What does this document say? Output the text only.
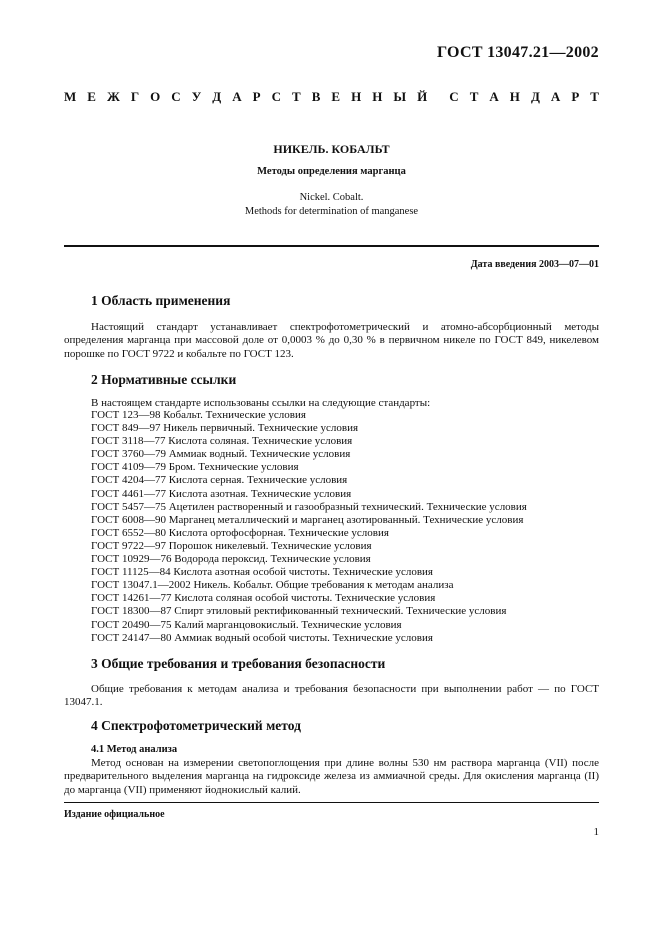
ГОСТ 13047.21—2002
М Е Ж Г О С У Д А Р С Т В Е Н Н Ы Й С Т А Н Д А Р Т
НИКЕЛЬ. КОБАЛЬТ
Методы определения марганца
Nickel. Cobalt.
Methods for determination of manganese
Дата введения 2003—07—01
1 Область применения
Настоящий стандарт устанавливает спектрофотометрический и атомно-абсорбционный методы определения марганца при массовой доле от 0,0003 % до 0,30 % в первичном никеле по ГОСТ 849, никелевом порошке по ГОСТ 9722 и кобальте по ГОСТ 123.
2 Нормативные ссылки
В настоящем стандарте использованы ссылки на следующие стандарты:
ГОСТ 123—98 Кобальт. Технические условия
ГОСТ 849—97 Никель первичный. Технические условия
ГОСТ 3118—77 Кислота соляная. Технические условия
ГОСТ 3760—79 Аммиак водный. Технические условия
ГОСТ 4109—79 Бром. Технические условия
ГОСТ 4204—77 Кислота серная. Технические условия
ГОСТ 4461—77 Кислота азотная. Технические условия
ГОСТ 5457—75 Ацетилен растворенный и газообразный технический. Технические условия
ГОСТ 6008—90 Марганец металлический и марганец азотированный. Технические условия
ГОСТ 6552—80 Кислота ортофосфорная. Технические условия
ГОСТ 9722—97 Порошок никелевый. Технические условия
ГОСТ 10929—76 Водорода пероксид. Технические условия
ГОСТ 11125—84 Кислота азотная особой чистоты. Технические условия
ГОСТ 13047.1—2002 Никель. Кобальт. Общие требования к методам анализа
ГОСТ 14261—77 Кислота соляная особой чистоты. Технические условия
ГОСТ 18300—87 Спирт этиловый ректификованный технический. Технические условия
ГОСТ 20490—75 Калий марганцовокислый. Технические условия
ГОСТ 24147—80 Аммиак водный особой чистоты. Технические условия
3 Общие требования и требования безопасности
Общие требования к методам анализа и требования безопасности при выполнении работ — по ГОСТ 13047.1.
4 Спектрофотометрический метод
4.1 Метод анализа
Метод основан на измерении светопоглощения при длине волны 530 нм раствора марганца (VII) после предварительного выделения марганца на гидроксиде железа из аммиачной среды. Для окисления марганца (II) до марганца (VII) применяют йоднокислый калий.
Издание официальное
1
